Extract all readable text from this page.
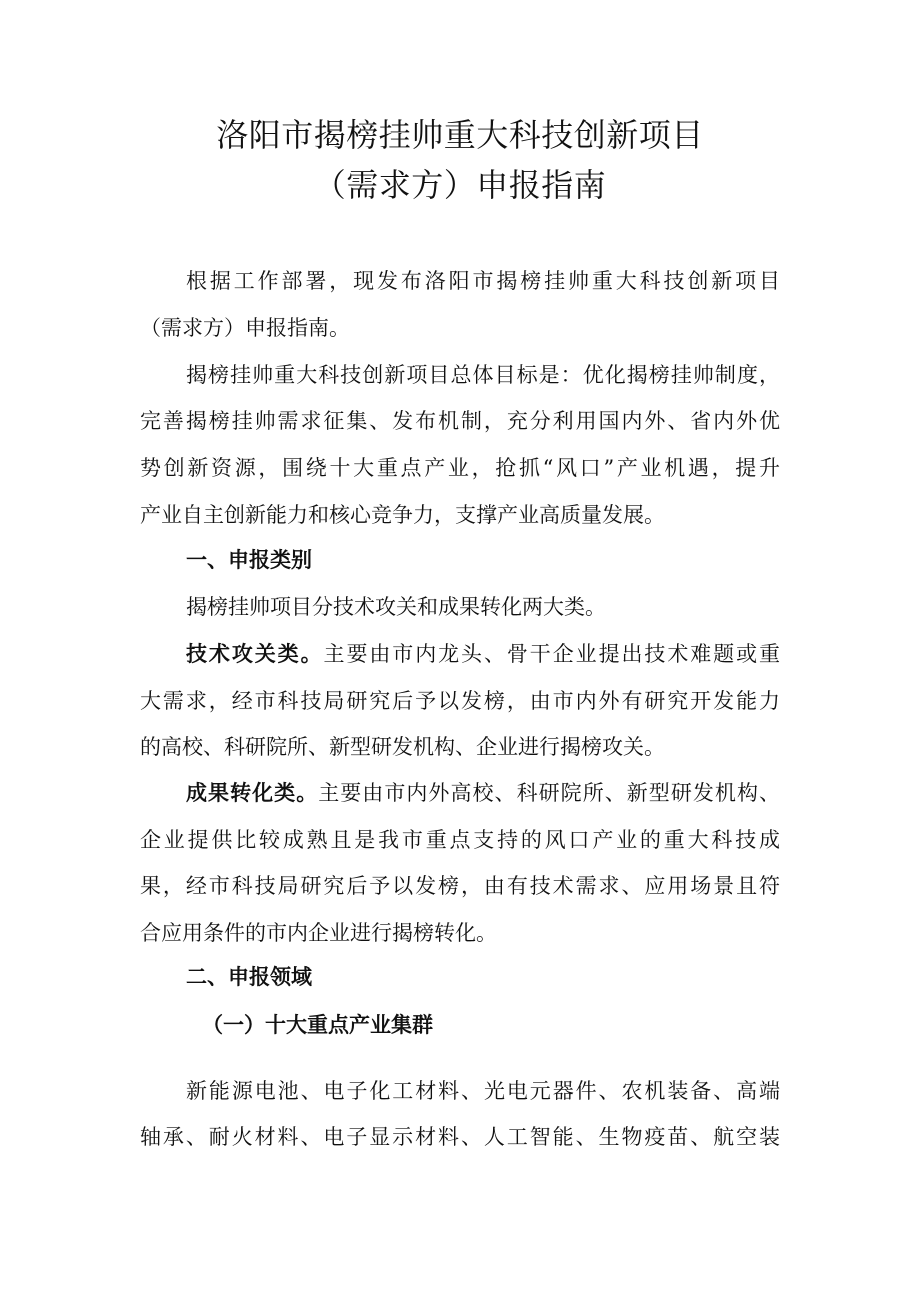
洛阳市揭榜挂帅重大科技创新项目
（需求方）申报指南
根据工作部署，现发布洛阳市揭榜挂帅重大科技创新项目
（需求方）申报指南。
揭榜挂帅重大科技创新项目总体目标是：优化揭榜挂帅制度，
完善揭榜挂帅需求征集、发布机制，充分利用国内外、省内外优
势创新资源，围绕十大重点产业，抢抓“风口”产业机遇，提升
产业自主创新能力和核心竞争力，支撑产业高质量发展。
一、申报类别
揭榜挂帅项目分技术攻关和成果转化两大类。
技术攻关类。主要由市内龙头、骨干企业提出技术难题或重
大需求，经市科技局研究后予以发榜，由市内外有研究开发能力
的高校、科研院所、新型研发机构、企业进行揭榜攻关。
成果转化类。主要由市内外高校、科研院所、新型研发机构、
企业提供比较成熟且是我市重点支持的风口产业的重大科技成
果，经市科技局研究后予以发榜，由有技术需求、应用场景且符
合应用条件的市内企业进行揭榜转化。
二、申报领域
（一）十大重点产业集群
新能源电池、电子化工材料、光电元器件、农机装备、高端
轴承、耐火材料、电子显示材料、人工智能、生物疫苗、航空装
